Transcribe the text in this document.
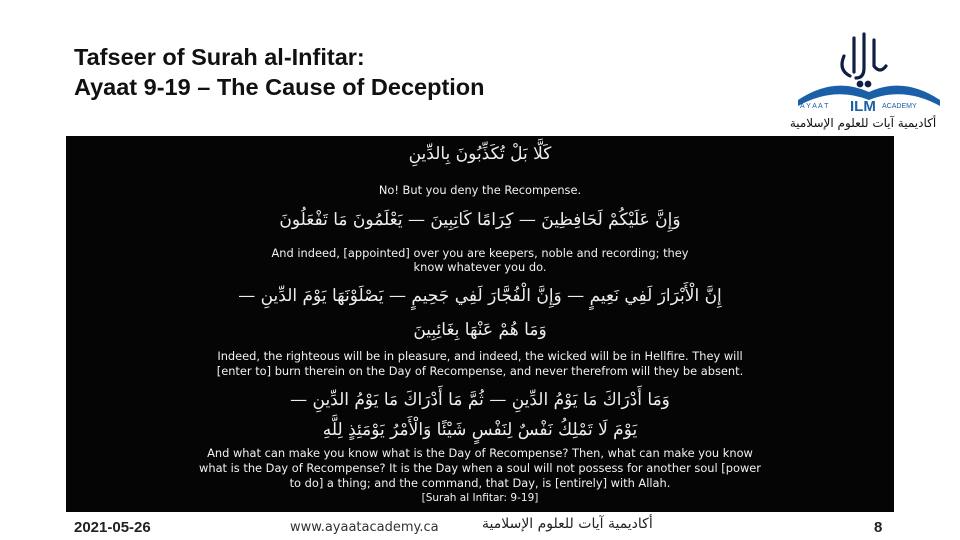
Tafseer of Surah al-Infitar:
Ayaat 9-19 – The Cause of Deception
A Y A A T ILM ACADEMY
أكاديمية آيات للعلوم الإسلامية
كَلَّا بَلْ تُكَذِّبُونَ بِالدِّينِ
No! But you deny the Recompense.
وَإِنَّ عَلَيْكُمْ لَحَافِظِينَ — كِرَامًا كَاتِبِينَ — يَعْلَمُونَ مَا تَفْعَلُونَ
And indeed, [appointed] over you are keepers, noble and recording; they
know whatever you do.
إِنَّ الْأَبْرَارَ لَفِي نَعِيمٍ — وَإِنَّ الْفُجَّارَ لَفِي جَحِيمٍ — يَصْلَوْنَهَا يَوْمَ الدِّينِ —
وَمَا هُمْ عَنْهَا بِغَائِبِينَ
Indeed, the righteous will be in pleasure, and indeed, the wicked will be in Hellfire. They will
[enter to] burn therein on the Day of Recompense, and never therefrom will they be absent.
وَمَا أَدْرَاكَ مَا يَوْمُ الدِّينِ — ثُمَّ مَا أَدْرَاكَ مَا يَوْمُ الدِّينِ —
يَوْمَ لَا تَمْلِكُ نَفْسٌ لِنَفْسٍ شَيْئًا وَالْأَمْرُ يَوْمَئِذٍ لِلَّهِ
And what can make you know what is the Day of Recompense? Then, what can make you know
what is the Day of Recompense? It is the Day when a soul will not possess for another soul [power
to do] a thing; and the command, that Day, is [entirely] with Allah.
[Surah al Infitar: 9-19]
2021-05-26	www.ayaatacademy.ca	أكاديمية آيات للعلوم الإسلامية	8
